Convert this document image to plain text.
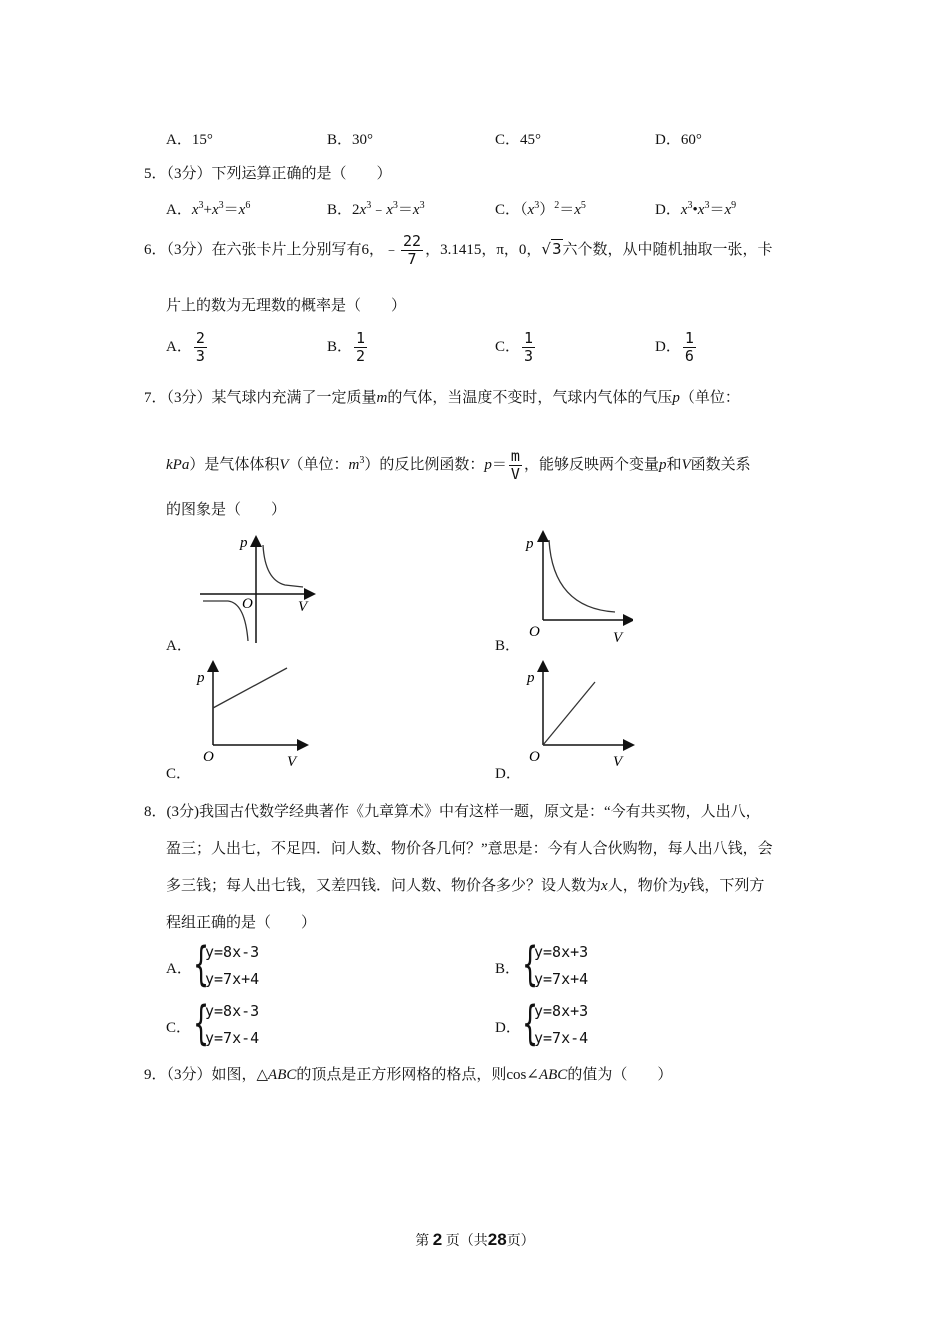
A．15°	B．30°	C．45°	D．60°
5．（3分）下列运算正确的是（　　）
A．$x^3+x^3=x^6$	B．$2x^3﹣x^3=x^3$	C．$(x^3)^2=x^5$	D．$x^3•x^3=x^9$
6．（3分）在六张卡片上分别写有6，﹣ $\frac{22}{7}$ ，3.1415，π，0，√3六个数，从中随机抽取一张，卡
片上的数为无理数的概率是（　　）
A． $\frac{2}{3}$	B． $\frac{1}{2}$	C． $\frac{1}{3}$	D． $\frac{1}{6}$
7．（3分）某气球内充满了一定质量m的气体，当温度不变时，气球内气体的气压p（单位：
kPa）是气体体积V（单位：$m^3$）的反比例函数：$p= \frac{m}{V}$ ，能够反映两个变量p和V函数关系
的图象是（　　）
p
O	V
A．
p
O	V
B．
p
O	V
C．
p
O	V
D．
8．(3分)我国古代数学经典著作《九章算术》中有这样一题，原文是：“今有共买物，人出八，
盈三；人出七，不足四．问人数、物价各几何？”意思是：今有人合伙购物，每人出八钱，会
多三钱；每人出七钱，又差四钱．问人数、物价各多少？设人数为x人，物价为y钱，下列方
程组正确的是（　　）
A． {
y=8x-3
y=7x+4
B． {
y=8x+3
y=7x+4
C． {
y=8x-3
y=7x-4
D． {
y=8x+3
y=7x-4
9．（3分）如图，△ABC的顶点是正方形网格的格点，则cos∠ABC的值为（　　）
第 2 页（共28页）
